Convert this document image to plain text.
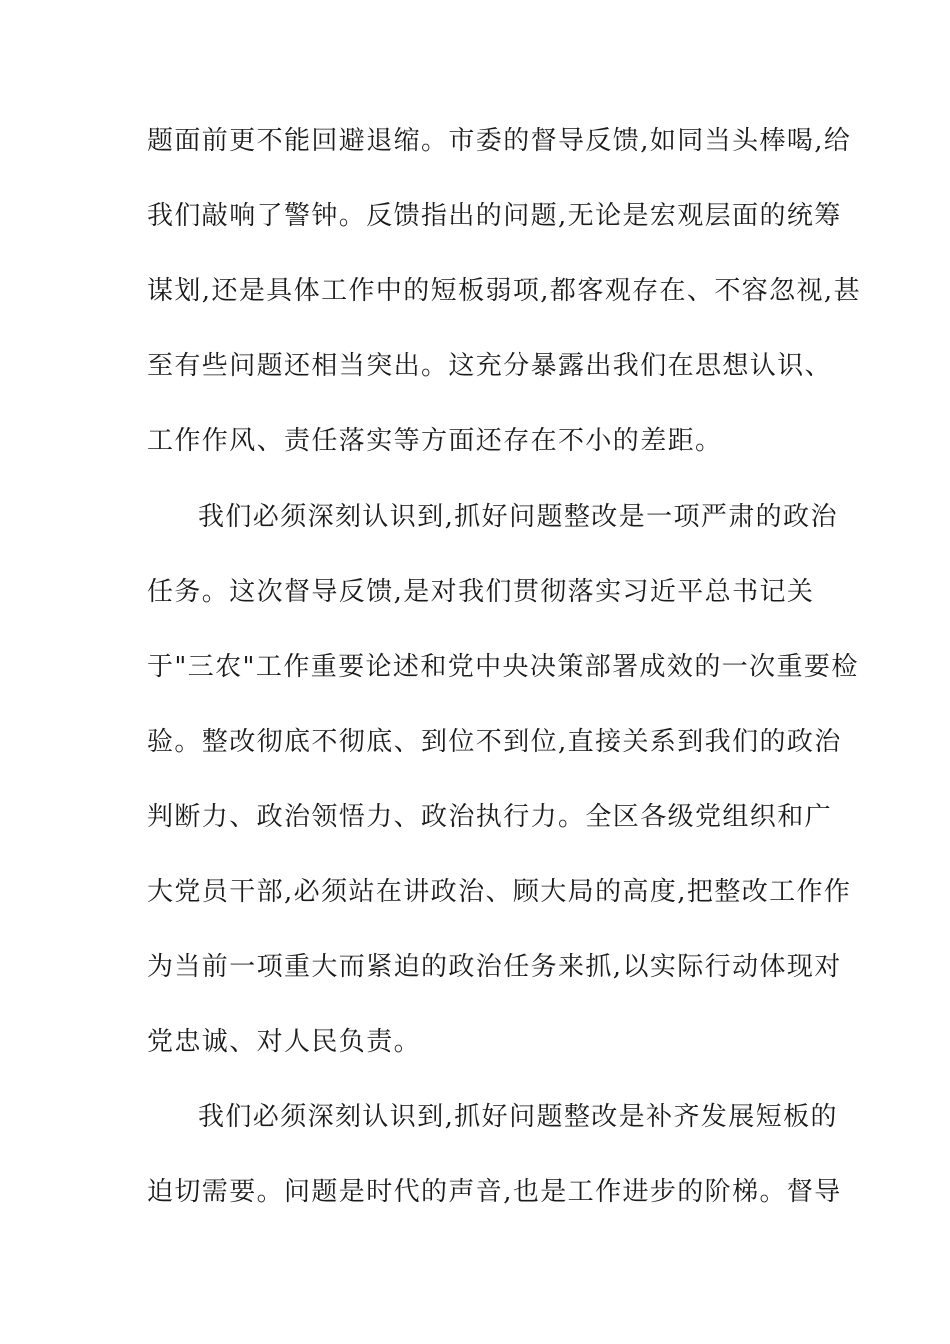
题面前更不能回避退缩。市委的督导反馈,如同当头棒喝,给
我们敲响了警钟。反馈指出的问题,无论是宏观层面的统筹
谋划,还是具体工作中的短板弱项,都客观存在、不容忽视,甚
至有些问题还相当突出。这充分暴露出我们在思想认识、
工作作风、责任落实等方面还存在不小的差距。
我们必须深刻认识到,抓好问题整改是一项严肃的政治
任务。这次督导反馈,是对我们贯彻落实习近平总书记关
于"三农"工作重要论述和党中央决策部署成效的一次重要检
验。整改彻底不彻底、到位不到位,直接关系到我们的政治
判断力、政治领悟力、政治执行力。全区各级党组织和广
大党员干部,必须站在讲政治、顾大局的高度,把整改工作作
为当前一项重大而紧迫的政治任务来抓,以实际行动体现对
党忠诚、对人民负责。
我们必须深刻认识到,抓好问题整改是补齐发展短板的
迫切需要。问题是时代的声音,也是工作进步的阶梯。督导
